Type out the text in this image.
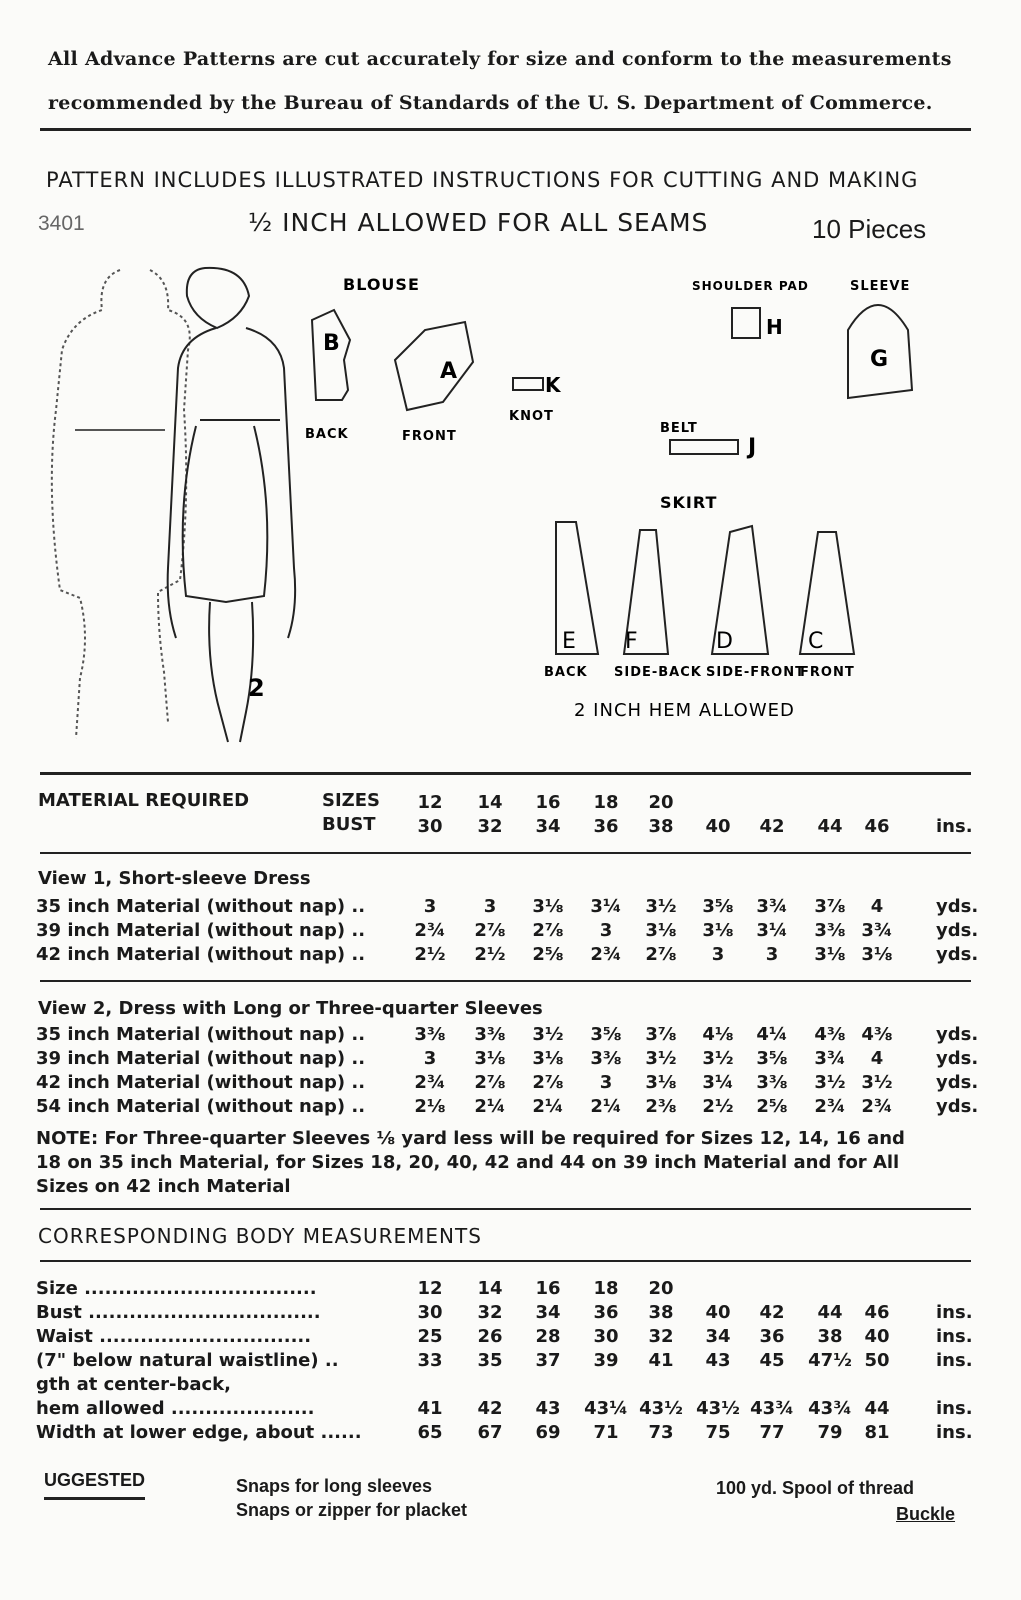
All Advance Patterns are cut accurately for size and conform to the measurements
recommended by the Bureau of Standards of the U. S. Department of Commerce.
PATTERN INCLUDES ILLUSTRATED INSTRUCTIONS FOR CUTTING AND MAKING
3401	½ INCH ALLOWED FOR ALL SEAMS	10 Pieces
2
BLOUSE
B
A
K
H
G
J
BACK	FRONT
KNOT
SHOULDER PAD	SLEEVE
BELT
SKIRT
E F	D	C
BACK SIDE-BACK SIDE-FRONT
FRONT
2 INCH HEM ALLOWED
MATERIAL REQUIRED	SIZES
BUST
12	14	16	18	20
30	32	34	36	38	40	42	44	46	ins.
View 1, Short-sleeve Dress
35 inch Material (without nap) ..	3	3	3⅛	3¼	3½	3⅝	3¾	3⅞	4	yds.
39 inch Material (without nap) ..	2¾	2⅞	2⅞	3	3⅛	3⅛	3¼	3⅜ 3¾	yds.
42 inch Material (without nap) ..	2½	2½	2⅝	2¾	2⅞	3	3	3⅛ 3⅛	yds.
View 2, Dress with Long or Three-quarter Sleeves
35 inch Material (without nap) ..	3⅜	3⅜	3½	3⅝	3⅞	4⅛	4¼	4⅜ 4⅜	yds.
39 inch Material (without nap) ..	3	3⅛	3⅛	3⅜	3½	3½	3⅝	3¾	4	yds.
42 inch Material (without nap) ..	2¾	2⅞	2⅞	3	3⅛	3¼	3⅜	3½ 3½	yds.
54 inch Material (without nap) ..	2⅛	2¼	2¼	2¼	2⅜	2½	2⅝	2¾ 2¾	yds.
NOTE: For Three-quarter Sleeves ⅛ yard less will be required for Sizes 12, 14, 16 and
18 on 35 inch Material, for Sizes 18, 20, 40, 42 and 44 on 39 inch Material and for All
Sizes on 42 inch Material
CORRESPONDING BODY MEASUREMENTS
Size ..................................	12	14	16	18	20
Bust ..................................	30	32	34	36	38	40	42	44	46	ins.
Waist ...............................	25	26	28	30	32	34	36	38	40	ins.
(7" below natural waistline) ..	33	35	37	39	41	43	45	47½ 50	ins.
gth at center-back,
hem allowed .....................	41	42	43	43¼ 43½ 43½ 43¾ 43¾ 44	ins.
Width at lower edge, about ......	65	67	69	71	73	75	77	79	81	ins.
UGGESTED	Snaps for long sleeves
Snaps or zipper for placket
100 yd. Spool of thread
Buckle
